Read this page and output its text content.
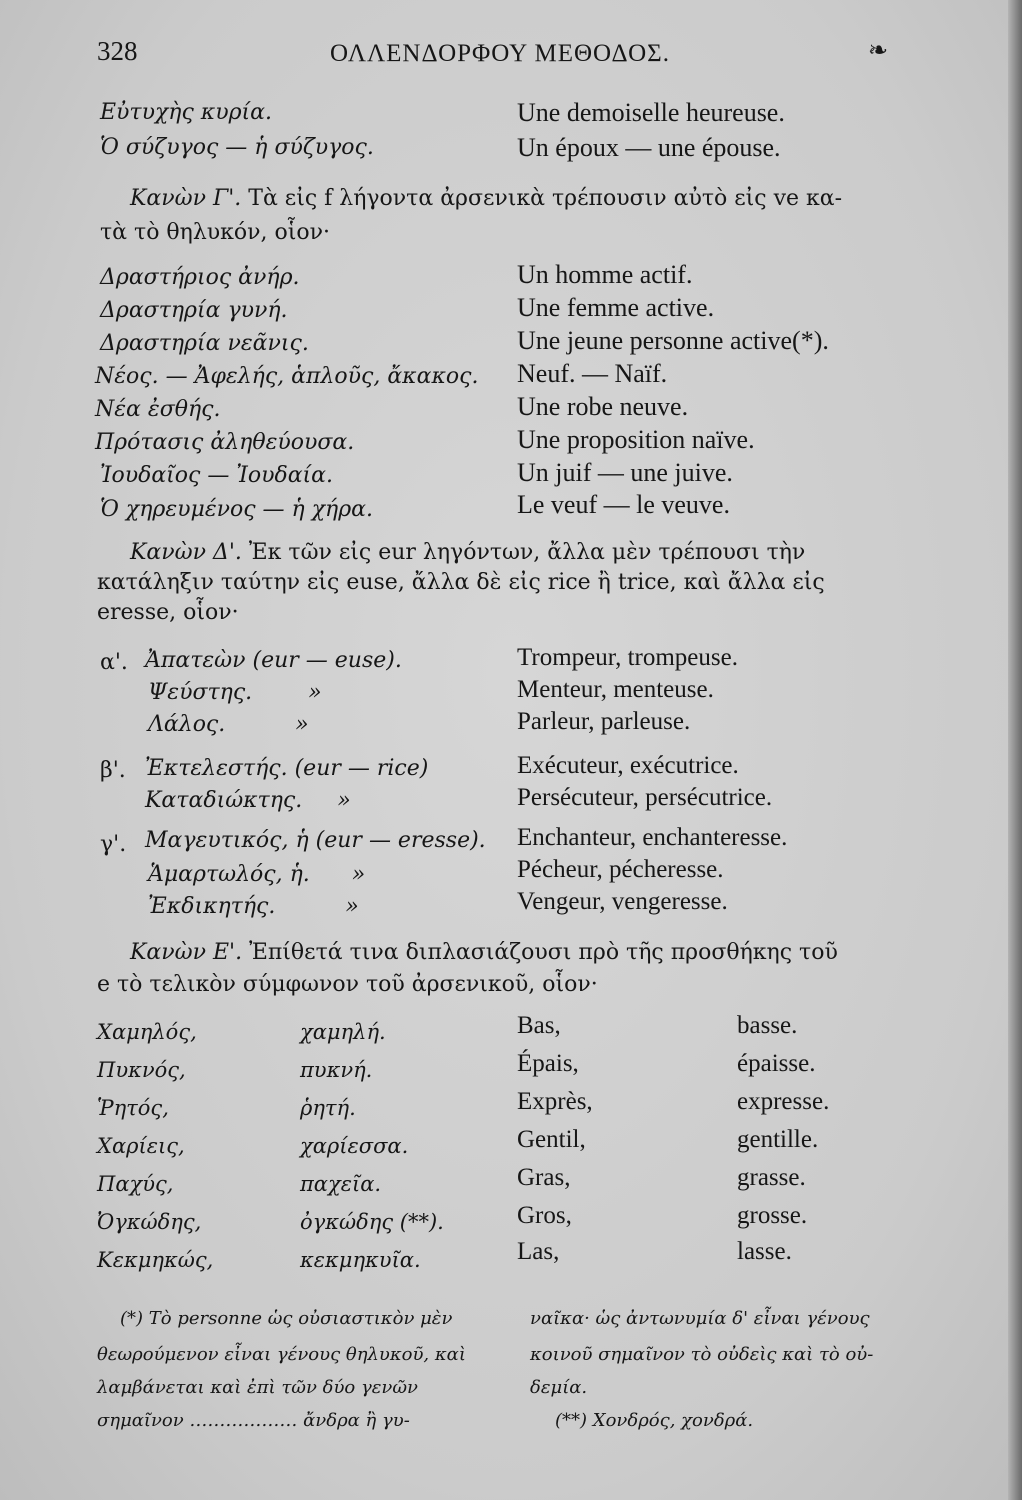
328	ΟΛΛΕΝΔΟΡΦΟΥ ΜΕΘΟΔΟΣ.	❧
Εὐτυχὴς κυρία.	Une demoiselle heureuse.
Ὁ σύζυγος — ἡ σύζυγος.	Un époux — une épouse.
Κανὼν Γ'. Τὰ εἰς f λήγοντα ἀρσενικὰ τρέπουσιν αὐτὸ εἰς ve κα-
τὰ τὸ θηλυκόν, οἷον·
Δραστήριος ἀνήρ.	Un homme actif.
Δραστηρία γυνή.	Une femme active.
Δραστηρία νεᾶνις.	Une jeune personne active(*).
Νέος. — Ἀφελής, ἁπλοῦς, ἄκακος. Neuf. — Naïf.
Νέα ἐσθής.	Une robe neuve.
Πρότασις ἀληθεύουσα.	Une proposition naïve.
Ἰουδαῖος — Ἰουδαία.	Un juif — une juive.
Ὁ χηρευμένος — ἡ χήρα.	Le veuf — le veuve.
Κανὼν Δ'. Ἐκ τῶν εἰς eur ληγόντων, ἄλλα μὲν τρέπουσι τὴν
κατάληξιν ταύτην εἰς euse, ἄλλα δὲ εἰς rice ἢ trice, καὶ ἄλλα εἰς
eresse, οἷον·
α'. Ἀπατεὼν (eur — euse).	Trompeur, trompeuse.
Ψεύστης.        »	Menteur, menteuse.
Λάλος.          »	Parleur, parleuse.
β'. Ἐκτελεστής. (eur — rice)	Exécuteur, exécutrice.
Καταδιώκτης.     »	Persécuteur, persécutrice.
γ'. Μαγευτικός, ἡ (eur — eresse). Enchanteur, enchanteresse.
Ἁμαρτωλός, ἡ.      »	Pécheur, pécheresse.
Ἐκδικητής.          »	Vengeur, vengeresse.
Κανὼν Ε'. Ἐπίθετά τινα διπλασιάζουσι πρὸ τῆς προσθήκης τοῦ
e τὸ τελικὸν σύμφωνον τοῦ ἀρσενικοῦ, οἷον·
Χαμηλός,	χαμηλή.	Bas,	basse.
Πυκνός,	πυκνή.	Épais,	épaisse.
Ῥητός,	ῥητή.	Exprès,	expresse.
Χαρίεις,	χαρίεσσα.	Gentil,	gentille.
Παχύς,	παχεῖα.	Gras,	grasse.
Ὀγκώδης,	ὀγκώδης (**).	Gros,	grosse.
Κεκμηκώς,	κεκμηκυῖα.	Las,	lasse.
(*) Τὸ personne ὡς οὐσιαστικὸν μὲν
θεωρούμενον εἶναι γένους θηλυκοῦ, καὶ
λαμβάνεται καὶ ἐπὶ τῶν δύο γενῶν
σημαῖνον ……………… ἄνδρα ἢ γυ-
ναῖκα· ὡς ἀντωνυμία δ' εἶναι γένους
κοινοῦ σημαῖνον τὸ οὐδεὶς καὶ τὸ οὐ-
δεμία.
(**) Χονδρός, χονδρά.
